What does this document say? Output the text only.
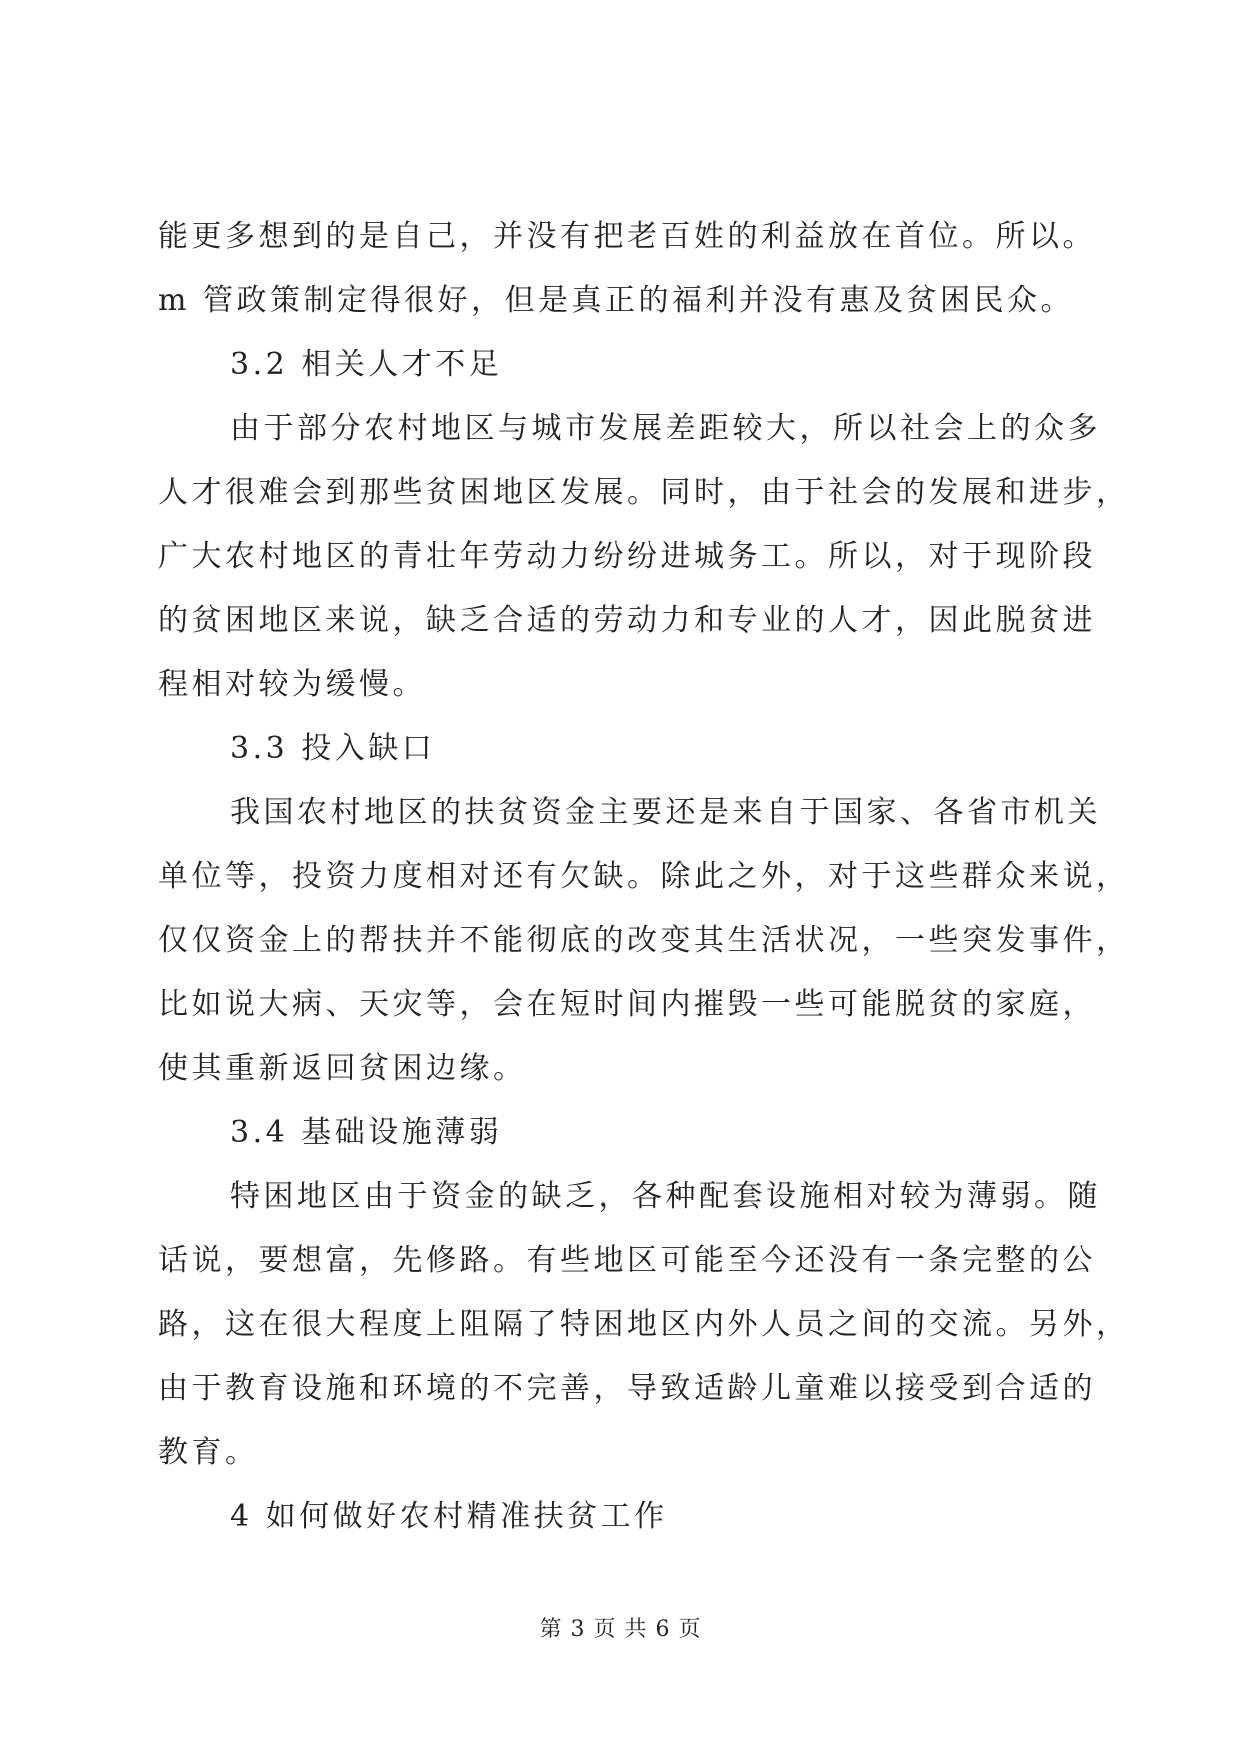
能更多想到的是自己，并没有把老百姓的利益放在首位。所以。
m 管政策制定得很好，但是真正的福利并没有惠及贫困民众。
3.2 相关人才不足
由于部分农村地区与城市发展差距较大，所以社会上的众多
人才很难会到那些贫困地区发展。同时，由于社会的发展和进步，
广大农村地区的青壮年劳动力纷纷进城务工。所以，对于现阶段
的贫困地区来说，缺乏合适的劳动力和专业的人才，因此脱贫进
程相对较为缓慢。
3.3 投入缺口
我国农村地区的扶贫资金主要还是来自于国家、各省市机关
单位等，投资力度相对还有欠缺。除此之外，对于这些群众来说，
仅仅资金上的帮扶并不能彻底的改变其生活状况，一些突发事件，
比如说大病、天灾等，会在短时间内摧毁一些可能脱贫的家庭，
使其重新返回贫困边缘。
3.4 基础设施薄弱
特困地区由于资金的缺乏，各种配套设施相对较为薄弱。随
话说，要想富，先修路。有些地区可能至今还没有一条完整的公
路，这在很大程度上阻隔了特困地区内外人员之间的交流。另外，
由于教育设施和环境的不完善，导致适龄儿童难以接受到合适的
教育。
4 如何做好农村精准扶贫工作
第 3 页 共 6 页
